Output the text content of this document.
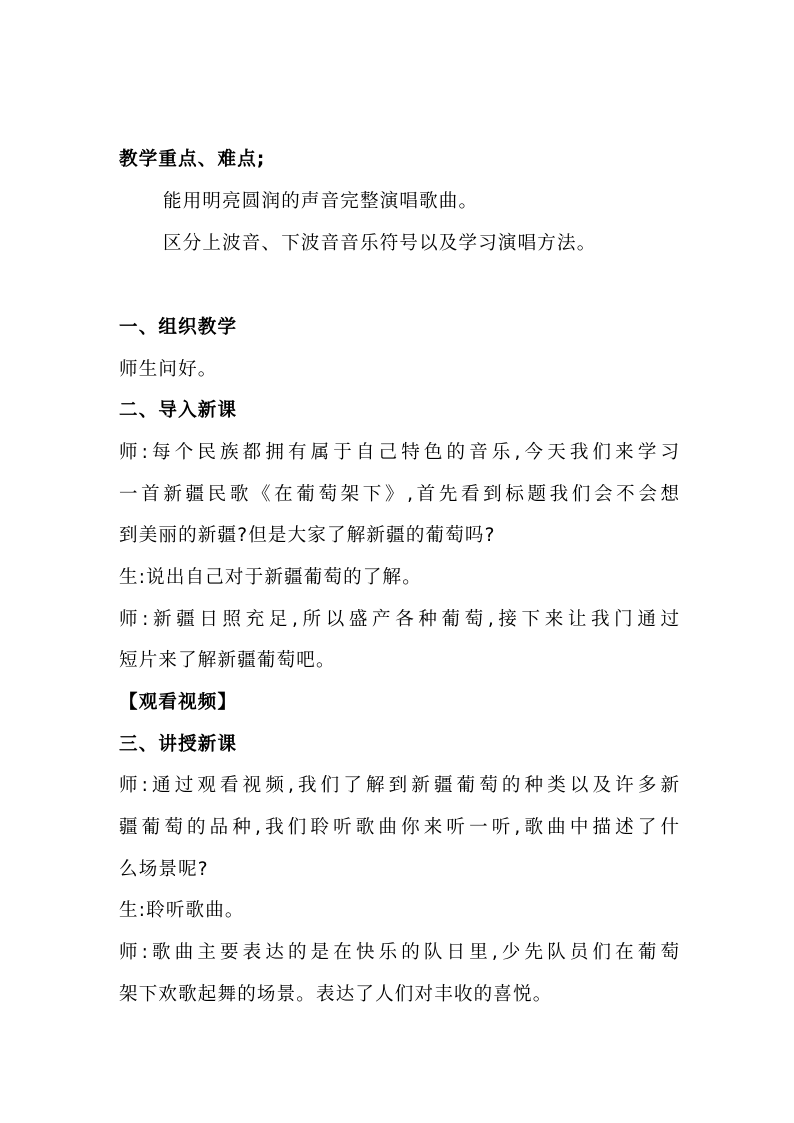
教学重点、难点;
能用明亮圆润的声音完整演唱歌曲。
区分上波音、下波音音乐符号以及学习演唱方法。
一、组织教学
师生问好。
二、导入新课
师:每个民族都拥有属于自己特色的音乐,今天我们来学习
一首新疆民歌《在葡萄架下》,首先看到标题我们会不会想
到美丽的新疆?但是大家了解新疆的葡萄吗?
生:说出自己对于新疆葡萄的了解。
师:新疆日照充足,所以盛产各种葡萄,接下来让我门通过
短片来了解新疆葡萄吧。
【观看视频】
三、讲授新课
师:通过观看视频,我们了解到新疆葡萄的种类以及许多新
疆葡萄的品种,我们聆听歌曲你来听一听,歌曲中描述了什
么场景呢?
生:聆听歌曲。
师:歌曲主要表达的是在快乐的队日里,少先队员们在葡萄
架下欢歌起舞的场景。表达了人们对丰收的喜悦。
